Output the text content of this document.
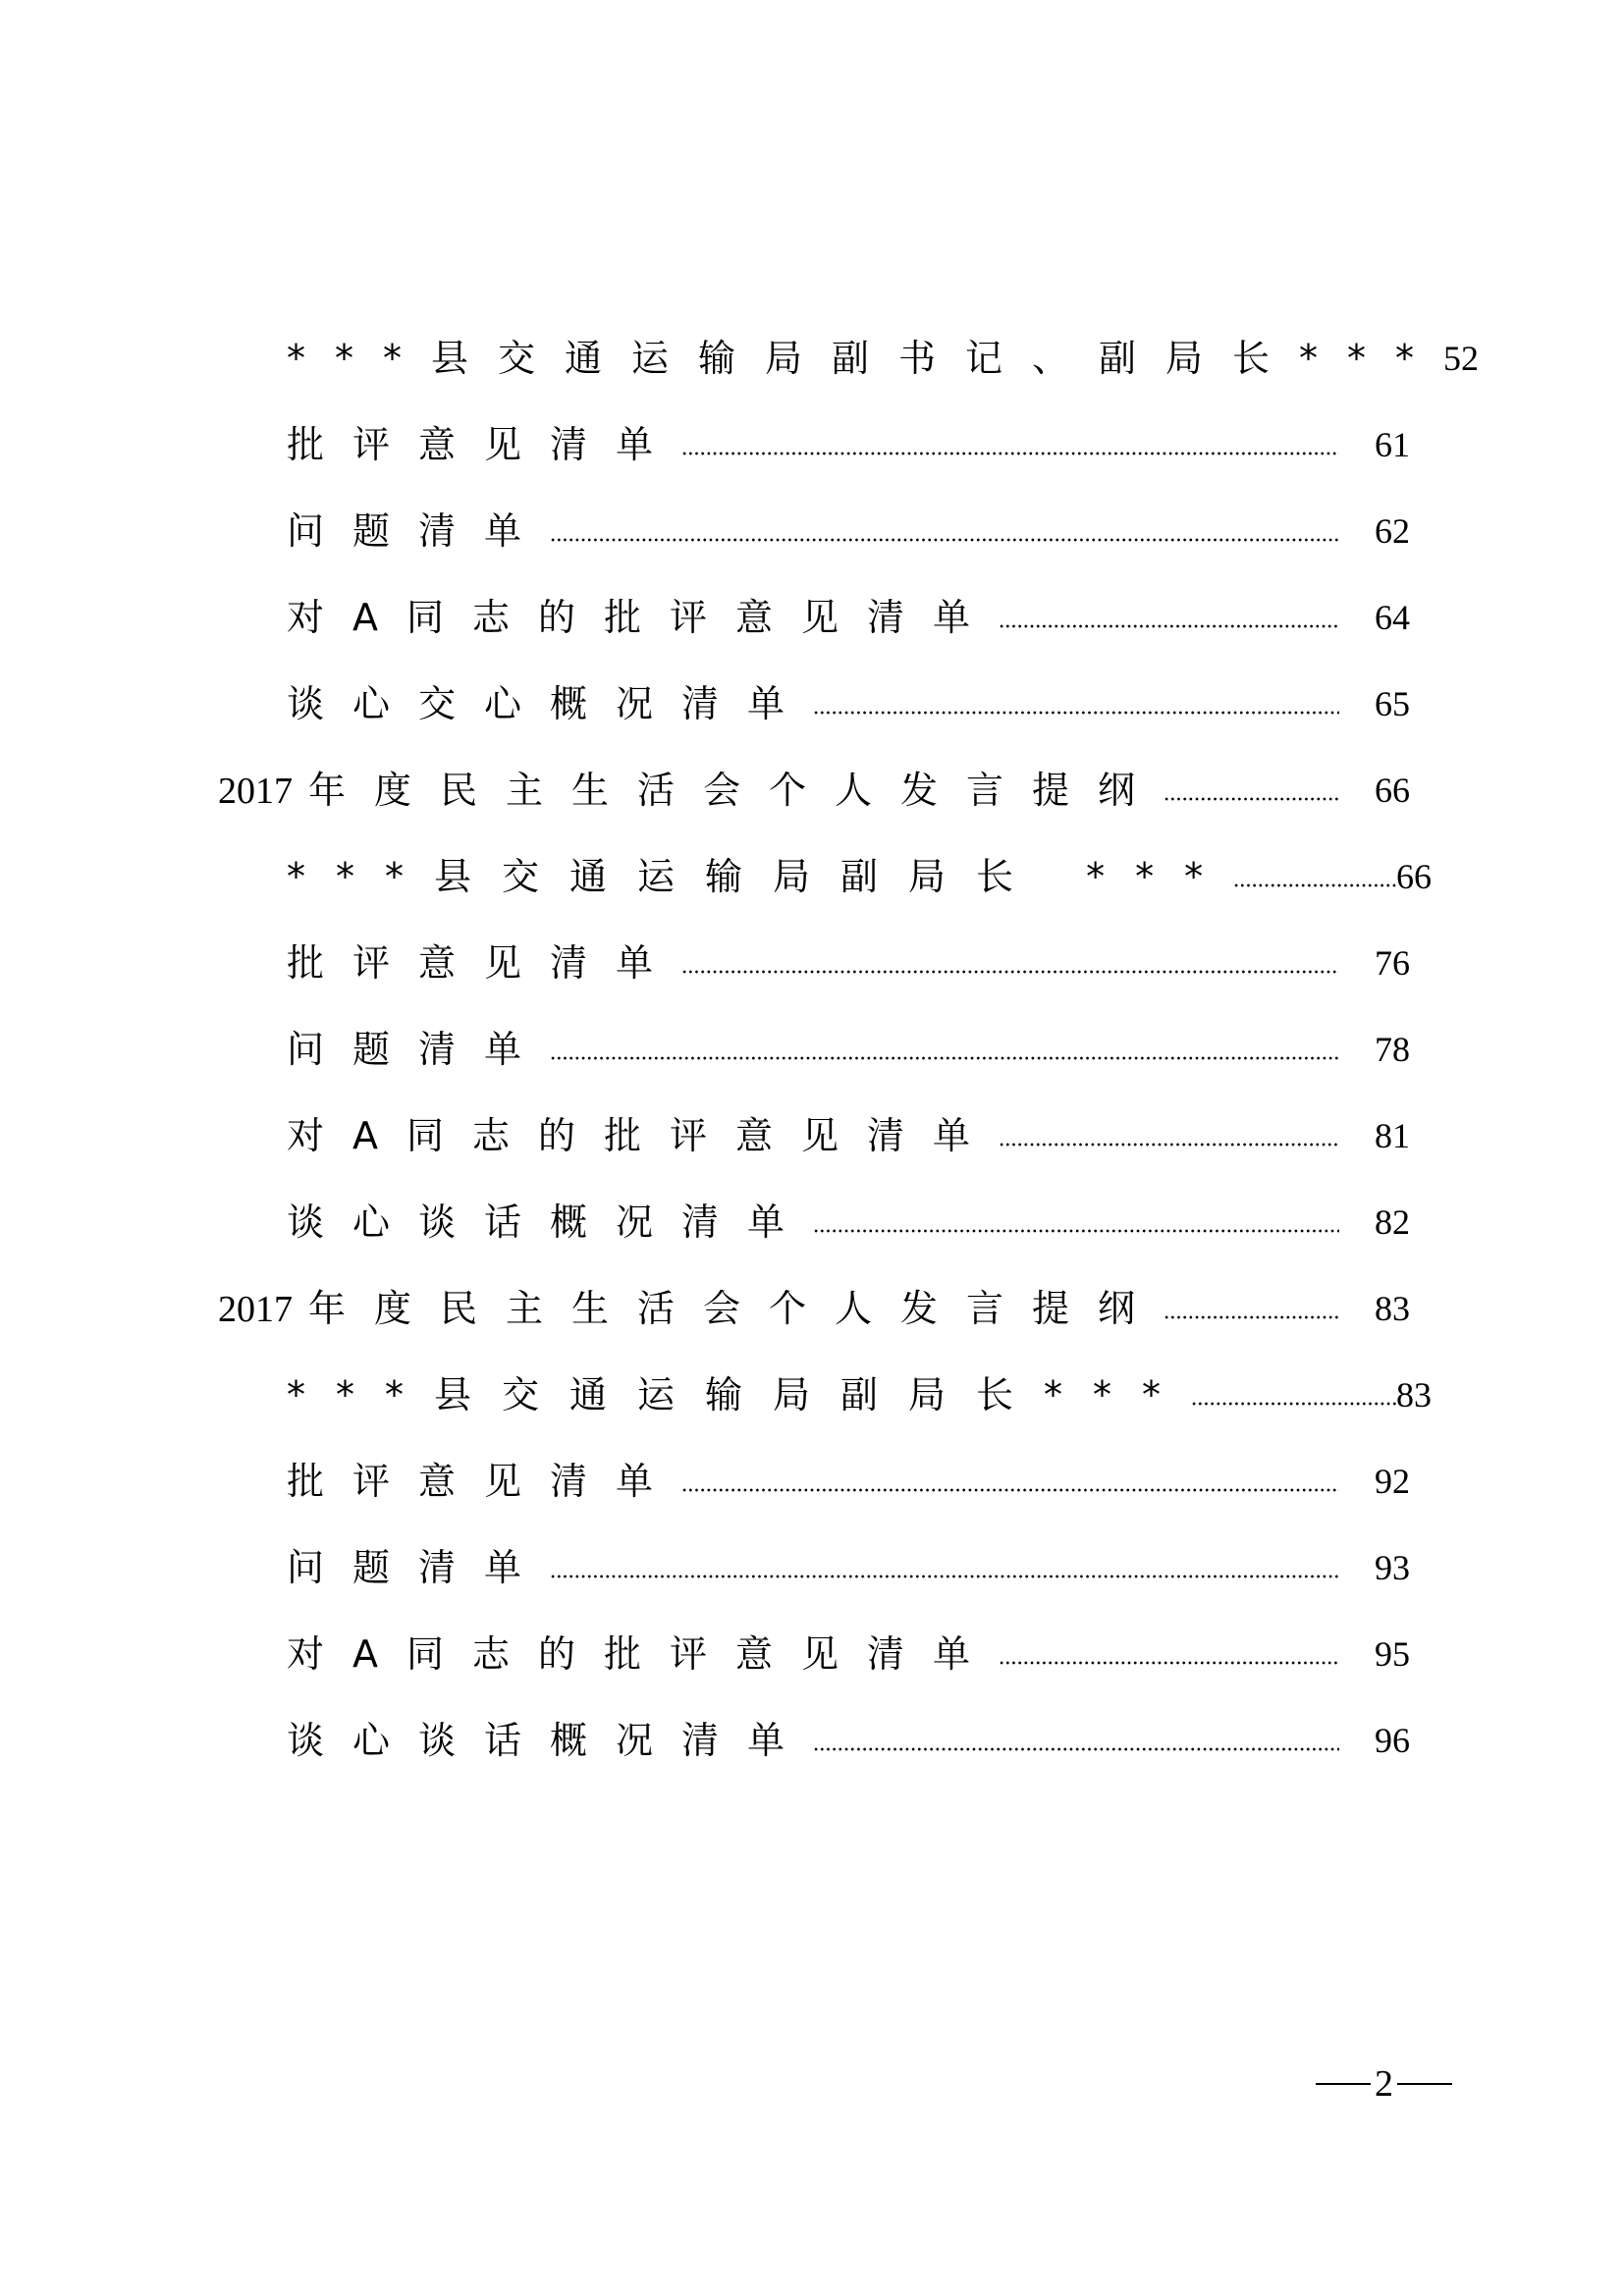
***县交通运输局副书记、副局长*** 52
批评意见清单	61
问题清单	62
对A同志的批评意见清单	64
谈心交心概况清单	65
2017 年度民主生活会个人发言提纲	66
***县交通运输局副局长 ***	66
批评意见清单	76
问题清单	78
对A同志的批评意见清单	81
谈心谈话概况清单	82
2017 年度民主生活会个人发言提纲	83
***县交通运输局副局长***	83
批评意见清单	92
问题清单	93
对A同志的批评意见清单	95
谈心谈话概况清单	96
2
